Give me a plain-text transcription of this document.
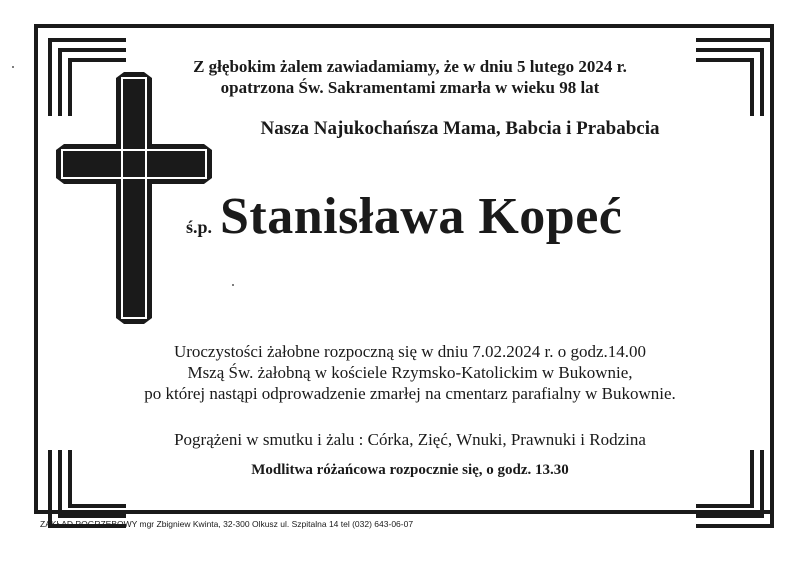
Z głębokim żalem zawiadamiamy, że w dniu 5 lutego 2024 r.
opatrzona Św. Sakramentami zmarła w wieku 98 lat
Nasza Najukochańsza Mama, Babcia i Prababcia
ś.p. Stanisława Kopeć
Uroczystości żałobne rozpoczną się w dniu 7.02.2024 r. o godz.14.00
Mszą Św. żałobną w kościele Rzymsko-Katolickim w Bukownie,
po której nastąpi odprowadzenie zmarłej na cmentarz parafialny w Bukownie.
Pogrążeni w smutku i żalu : Córka, Zięć, Wnuki, Prawnuki i Rodzina
Modlitwa różańcowa rozpocznie się, o godz. 13.30
ZAKŁAD POGRZEBOWY mgr Zbigniew Kwinta, 32-300 Olkusz ul. Szpitalna 14 tel (032) 643-06-07
